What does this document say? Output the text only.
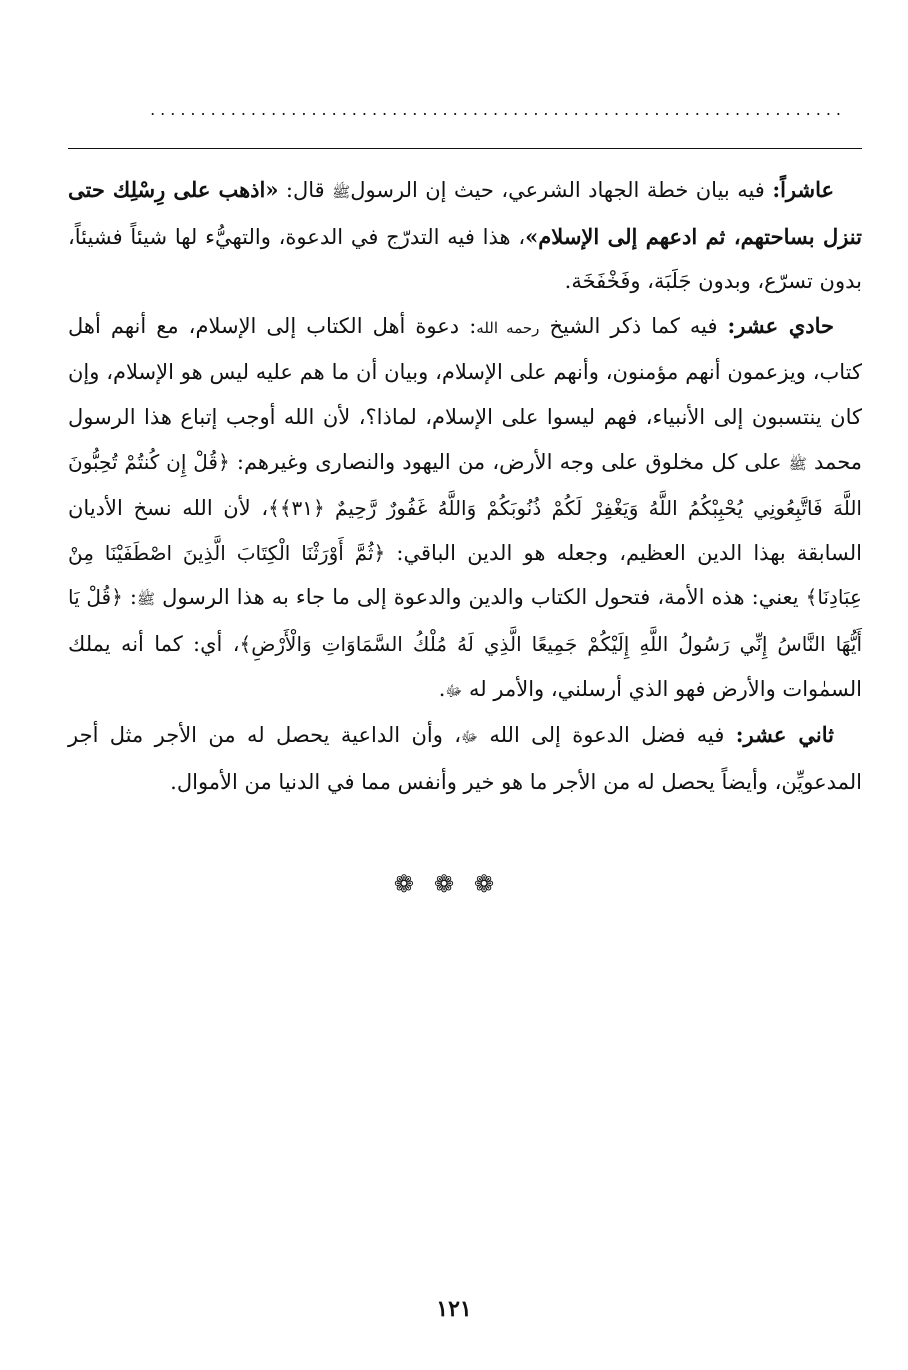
.....................................................................

عاشراً: فيه بيان خطة الجهاد الشرعي، حيث إن الرسولﷺ قال: «اذهب على رِسْلِك حتى تنزل بساحتهم، ثم ادعهم إلى الإسلام»، هذا فيه التدرّج في الدعوة، والتهيُّء لها شيئاً فشيئاً، بدون تسرّع، وبدون جَلَبَة، وفَخْفَخَة.

حادي عشر: فيه كما ذكر الشيخ رحمه الله: دعوة أهل الكتاب إلى الإسلام، مع أنهم أهل كتاب، ويزعمون أنهم مؤمنون، وأنهم على الإسلام، وبيان أن ما هم عليه ليس هو الإسلام، وإن كان ينتسبون إلى الأنبياء، فهم ليسوا على الإسلام، لماذا؟، لأن الله أوجب إتباع هذا الرسول محمد ﷺ على كل مخلوق على وجه الأرض، من اليهود والنصارى وغيرهم: ﴿قُلْ إِن كُنتُمْ تُحِبُّونَ اللَّهَ فَاتَّبِعُونِي يُحْبِبْكُمُ اللَّهُ وَيَغْفِرْ لَكُمْ ذُنُوبَكُمْ وَاللَّهُ غَفُورٌ رَّحِيمٌ ﴿٣١﴾﴾، لأن الله نسخ الأديان السابقة بهذا الدين العظيم، وجعله هو الدين الباقي: ﴿ثُمَّ أَوْرَثْنَا الْكِتَابَ الَّذِينَ اصْطَفَيْنَا مِنْ عِبَادِنَا﴾ يعني: هذه الأمة، فتحول الكتاب والدين والدعوة إلى ما جاء به هذا الرسول ﷺ: ﴿قُلْ يَا أَيُّهَا النَّاسُ إِنِّي رَسُولُ اللَّهِ إِلَيْكُمْ جَمِيعًا الَّذِي لَهُ مُلْكُ السَّمَاوَاتِ وَالْأَرْضِ﴾، أي: كما أنه يملك السمٰوات والأرض فهو الذي أرسلني، والأمر له ﷻ.

ثاني عشر: فيه فضل الدعوة إلى الله ﷻ، وأن الداعية يحصل له من الأجر مثل أجر المدعويِّن، وأيضاً يحصل له من الأجر ما هو خير وأنفس مما في الدنيا من الأموال.

❁❁❁
١٢١
